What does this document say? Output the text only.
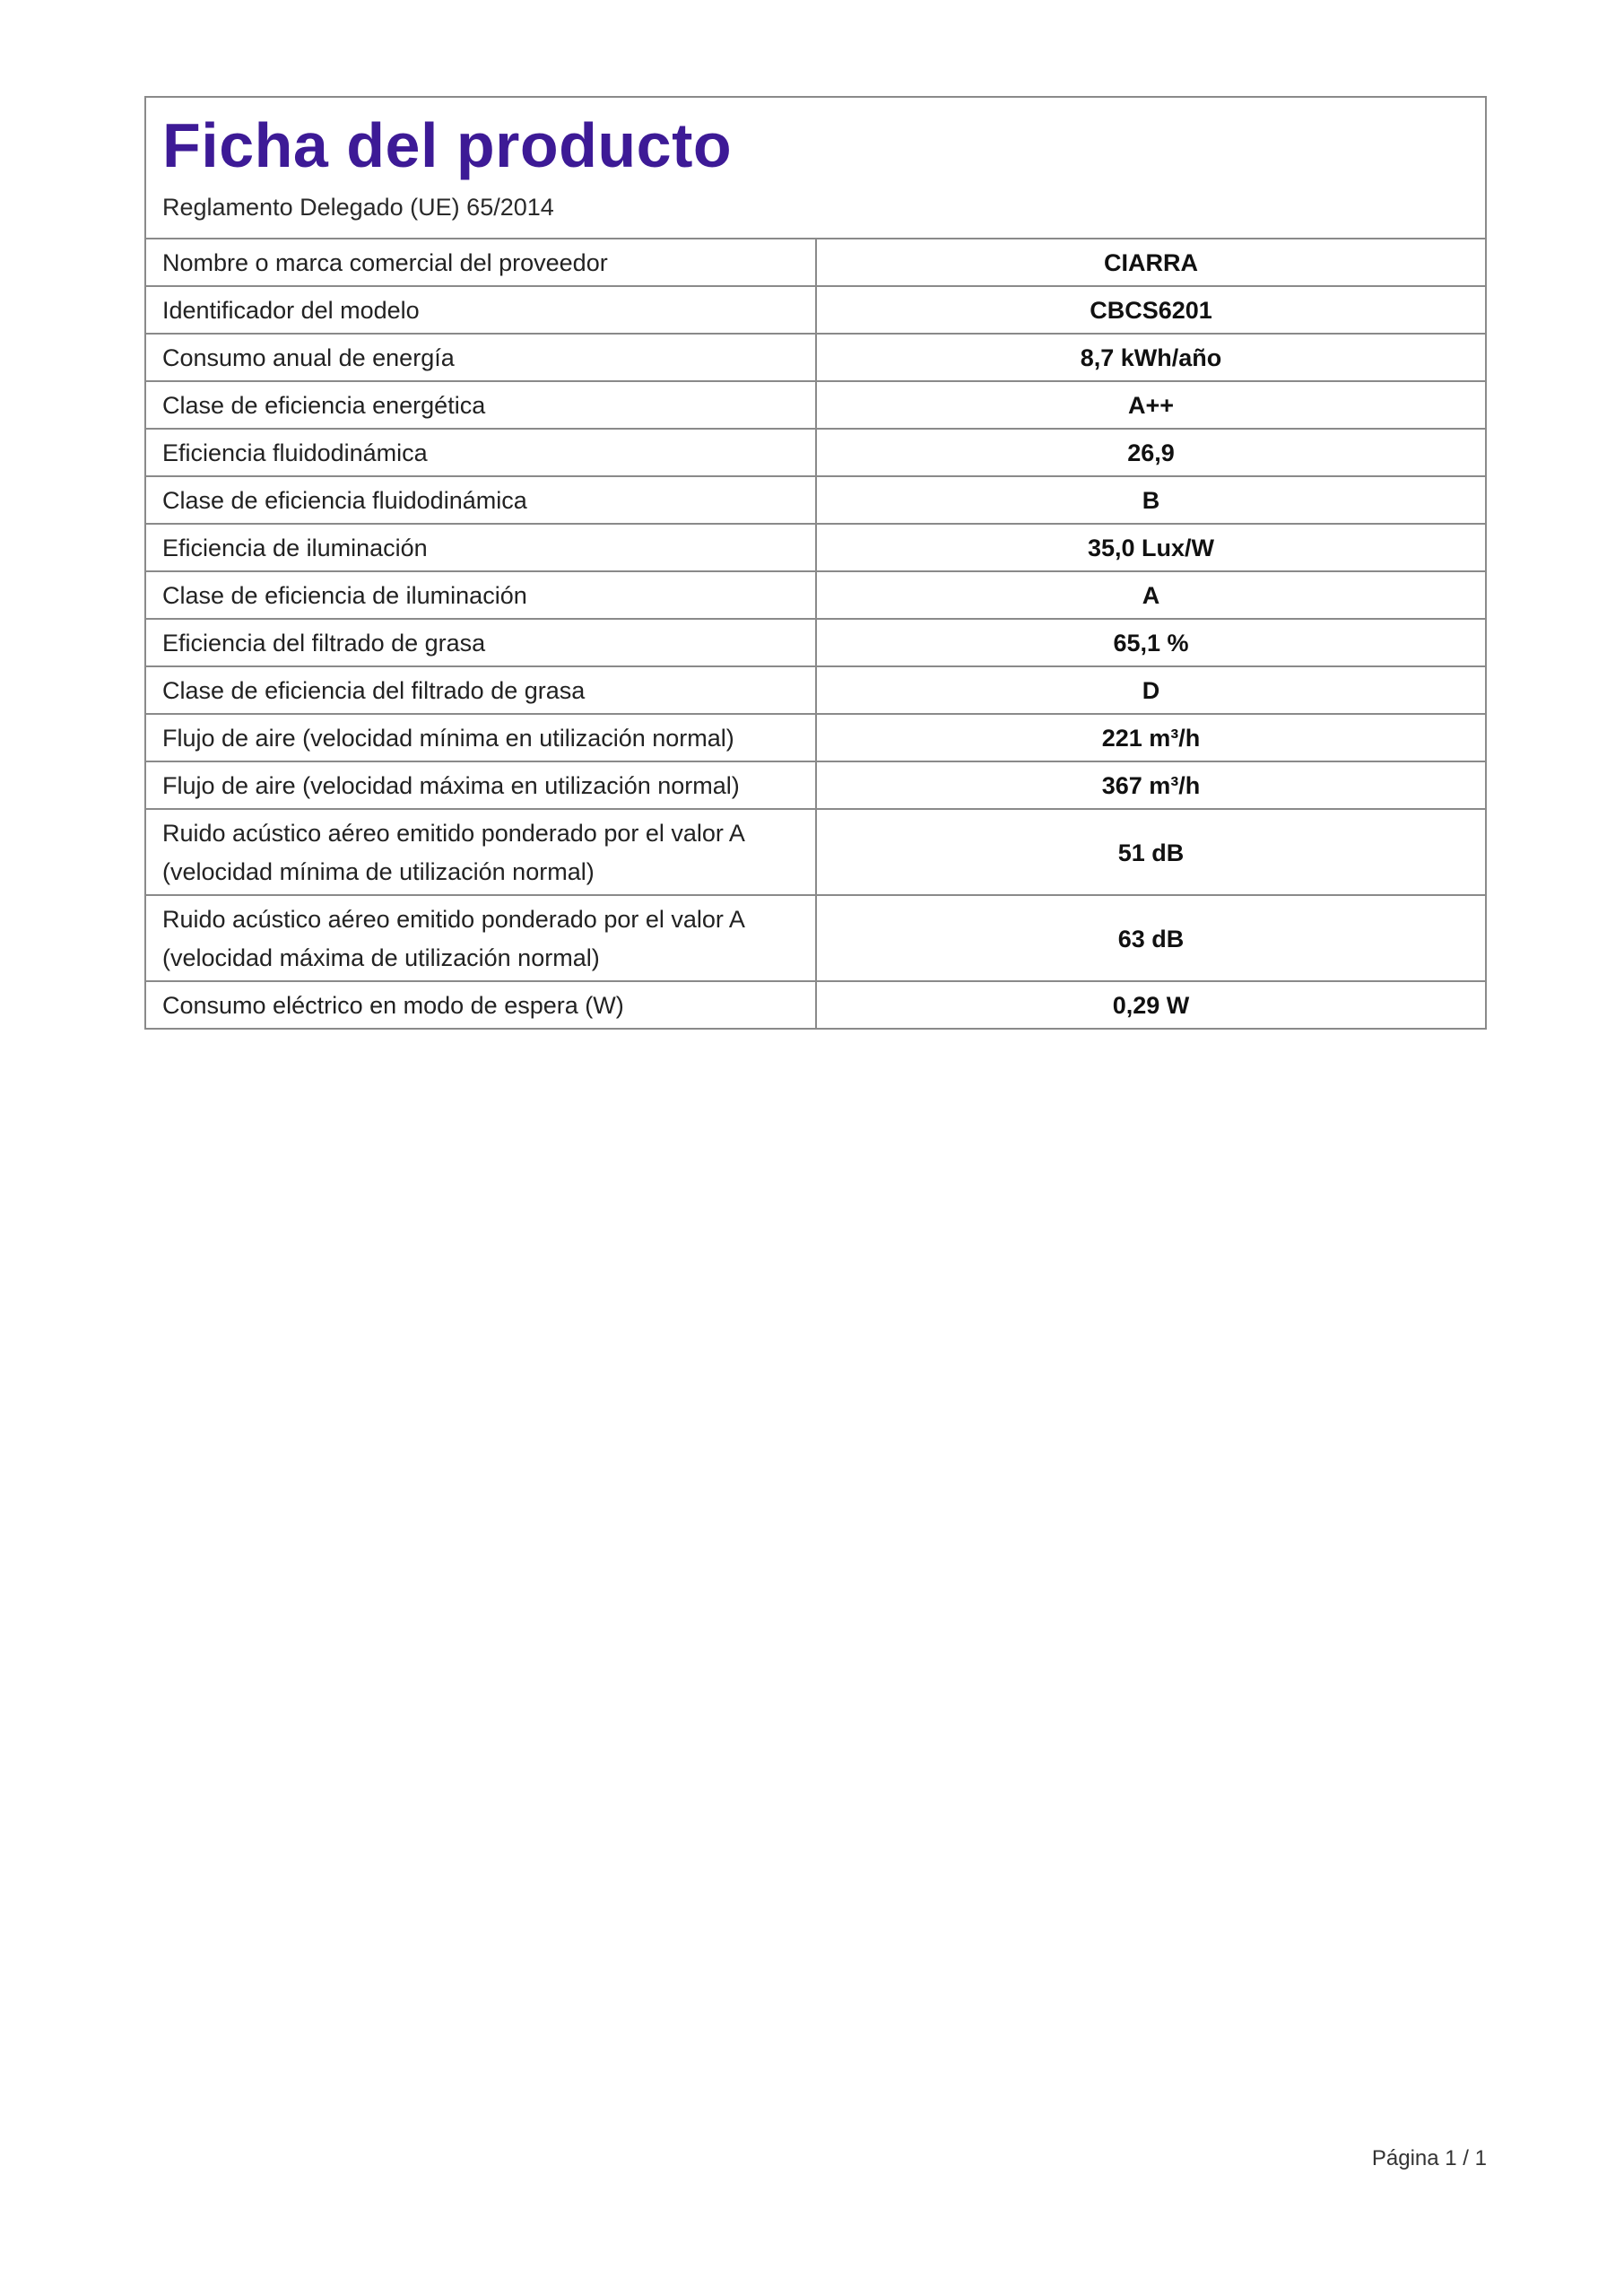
Ficha del producto

Reglamento Delegado (UE) 65/2014

Nombre o marca comercial del proveedor	CIARRA
Identificador del modelo	CBCS6201
Consumo anual de energía	8,7 kWh/año
Clase de eficiencia energética	A++
Eficiencia fluidodinámica	26,9
Clase de eficiencia fluidodinámica	B
Eficiencia de iluminación	35,0 Lux/W
Clase de eficiencia de iluminación	A
Eficiencia del filtrado de grasa	65,1 %
Clase de eficiencia del filtrado de grasa	D
Flujo de aire (velocidad mínima en utilización normal)	221 m³/h
Flujo de aire (velocidad máxima en utilización normal)	367 m³/h
Ruido acústico aéreo emitido ponderado por el valor A (velocidad mínima de utilización normal)	51 dB
Ruido acústico aéreo emitido ponderado por el valor A (velocidad máxima de utilización normal)	63 dB
Consumo eléctrico en modo de espera (W)	0,29 W
Página 1 / 1
